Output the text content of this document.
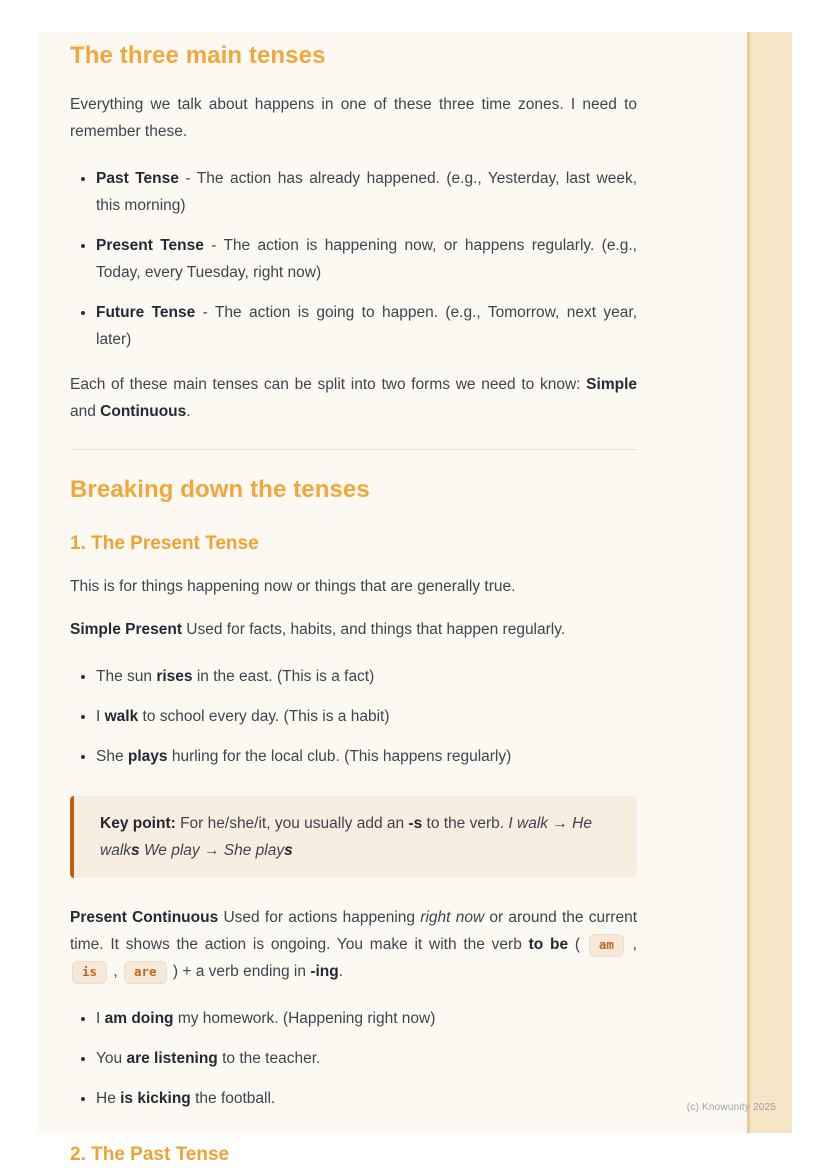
The three main tenses

Everything we talk about happens in one of these three time zones. I need to remember these.

• Past Tense - The action has already happened. (e.g., Yesterday, last week, this morning)
• Present Tense - The action is happening now, or happens regularly. (e.g., Today, every Tuesday, right now)
• Future Tense - The action is going to happen. (e.g., Tomorrow, next year, later)

Each of these main tenses can be split into two forms we need to know: Simple and Continuous.

Breaking down the tenses
1. The Present Tense

This is for things happening now or things that are generally true.

Simple Present Used for facts, habits, and things that happen regularly.

• The sun rises in the east. (This is a fact)
• I walk to school every day. (This is a habit)
• She plays hurling for the local club. (This happens regularly)

Key point: For he/she/it, you usually add an -s to the verb. I walk → He walks We play → She plays

Present Continuous Used for actions happening right now or around the current time. It shows the action is ongoing. You make it with the verb to be ( am , is , are ) + a verb ending in -ing.

• I am doing my homework. (Happening right now)
• You are listening to the teacher.
• He is kicking the football.
2. The Past Tense
(c) Knowunity 2025
